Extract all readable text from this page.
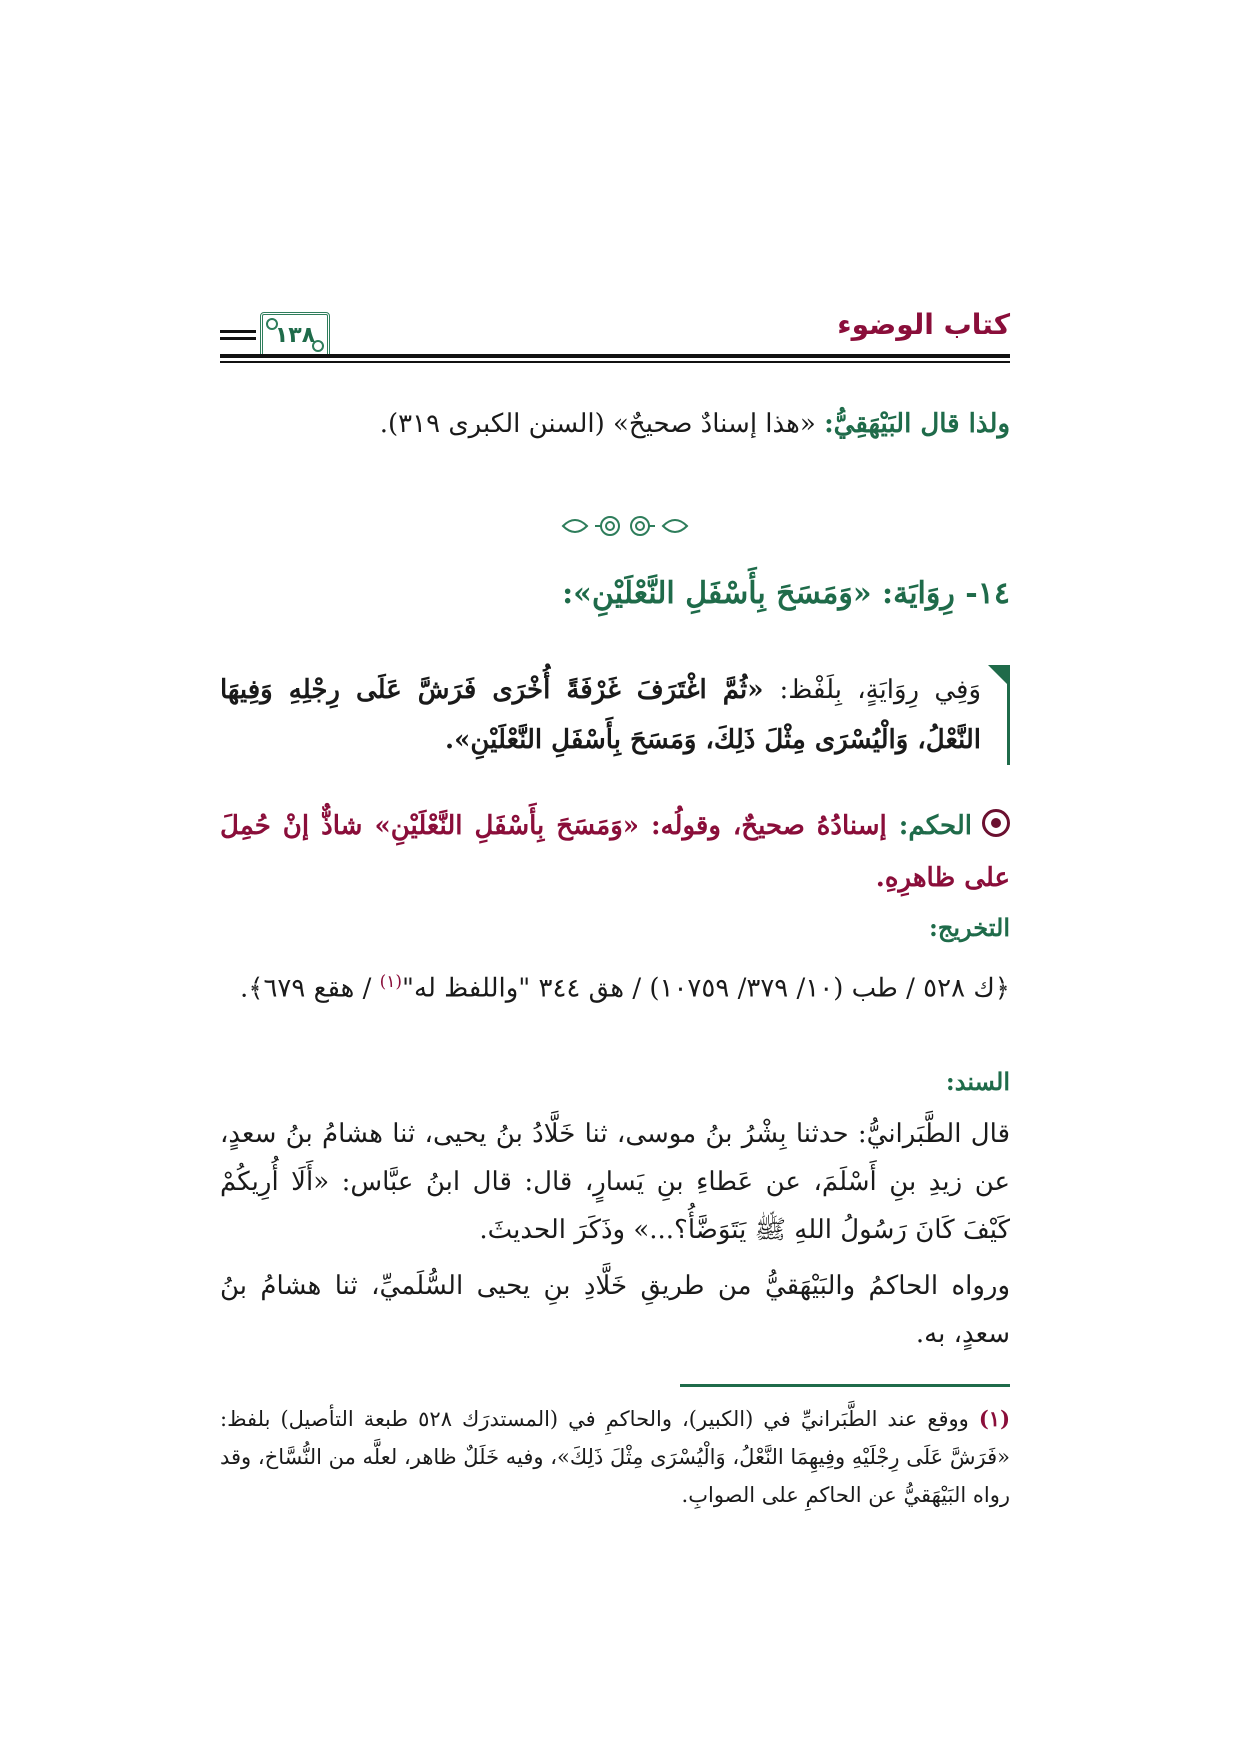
كتاب الوضوء
١٣٨
ولذا قال البَيْهَقِيُّ: «هذا إسنادٌ صحيحٌ» (السنن الكبرى ٣١٩).
١٤- رِوَايَة: «وَمَسَحَ بِأَسْفَلِ النَّعْلَيْنِ»:
وَفِي رِوَايَةٍ، بِلَفْظ: «ثُمَّ اغْتَرَفَ غَرْفَةً أُخْرَى فَرَشَّ عَلَى رِجْلِهِ وَفِيهَا النَّعْلُ، وَالْيُسْرَى مِثْلَ ذَلِكَ، وَمَسَحَ بِأَسْفَلِ النَّعْلَيْنِ».
الحكم: إسنادُهُ صحيحٌ، وقولُه: «وَمَسَحَ بِأَسْفَلِ النَّعْلَيْنِ» شاذٌّ إنْ حُمِلَ على ظاهرِهِ.
التخريج:
﴿ك ٥٢٨ / طب (١٠/ ٣٧٩/ ١٠٧٥٩) / هق ٣٤٤ "واللفظ له"$^{(١)}$ / هقع ٦٧٩﴾.
السند:
قال الطَّبَرانيُّ: حدثنا بِشْرُ بنُ موسى، ثنا خَلَّادُ بنُ يحيى، ثنا هشامُ بنُ سعدٍ، عن زيدِ بنِ أَسْلَمَ، عن عَطاءِ بنِ يَسارٍ، قال: قال ابنُ عبَّاس: «أَلَا أُرِيكُمْ كَيْفَ كَانَ رَسُولُ اللهِ ﷺ يَتَوَضَّأُ؟...» وذَكَرَ الحديثَ.
ورواه الحاكمُ والبَيْهَقيُّ من طريقِ خَلَّادِ بنِ يحيى السُّلَميِّ، ثنا هشامُ بنُ سعدٍ، به.
(١) ووقع عند الطَّبَرانيِّ في (الكبير)، والحاكمِ في (المستدرَك ٥٢٨ طبعة التأصيل) بلفظ: «فَرَشَّ عَلَى رِجْلَيْهِ وفِيهِمَا النَّعْلُ، وَالْيُسْرَى مِثْلَ ذَلِكَ»، وفيه خَلَلٌ ظاهر، لعلَّه من النُّسَّاخ، وقد رواه البَيْهَقيُّ عن الحاكمِ على الصوابِ.
